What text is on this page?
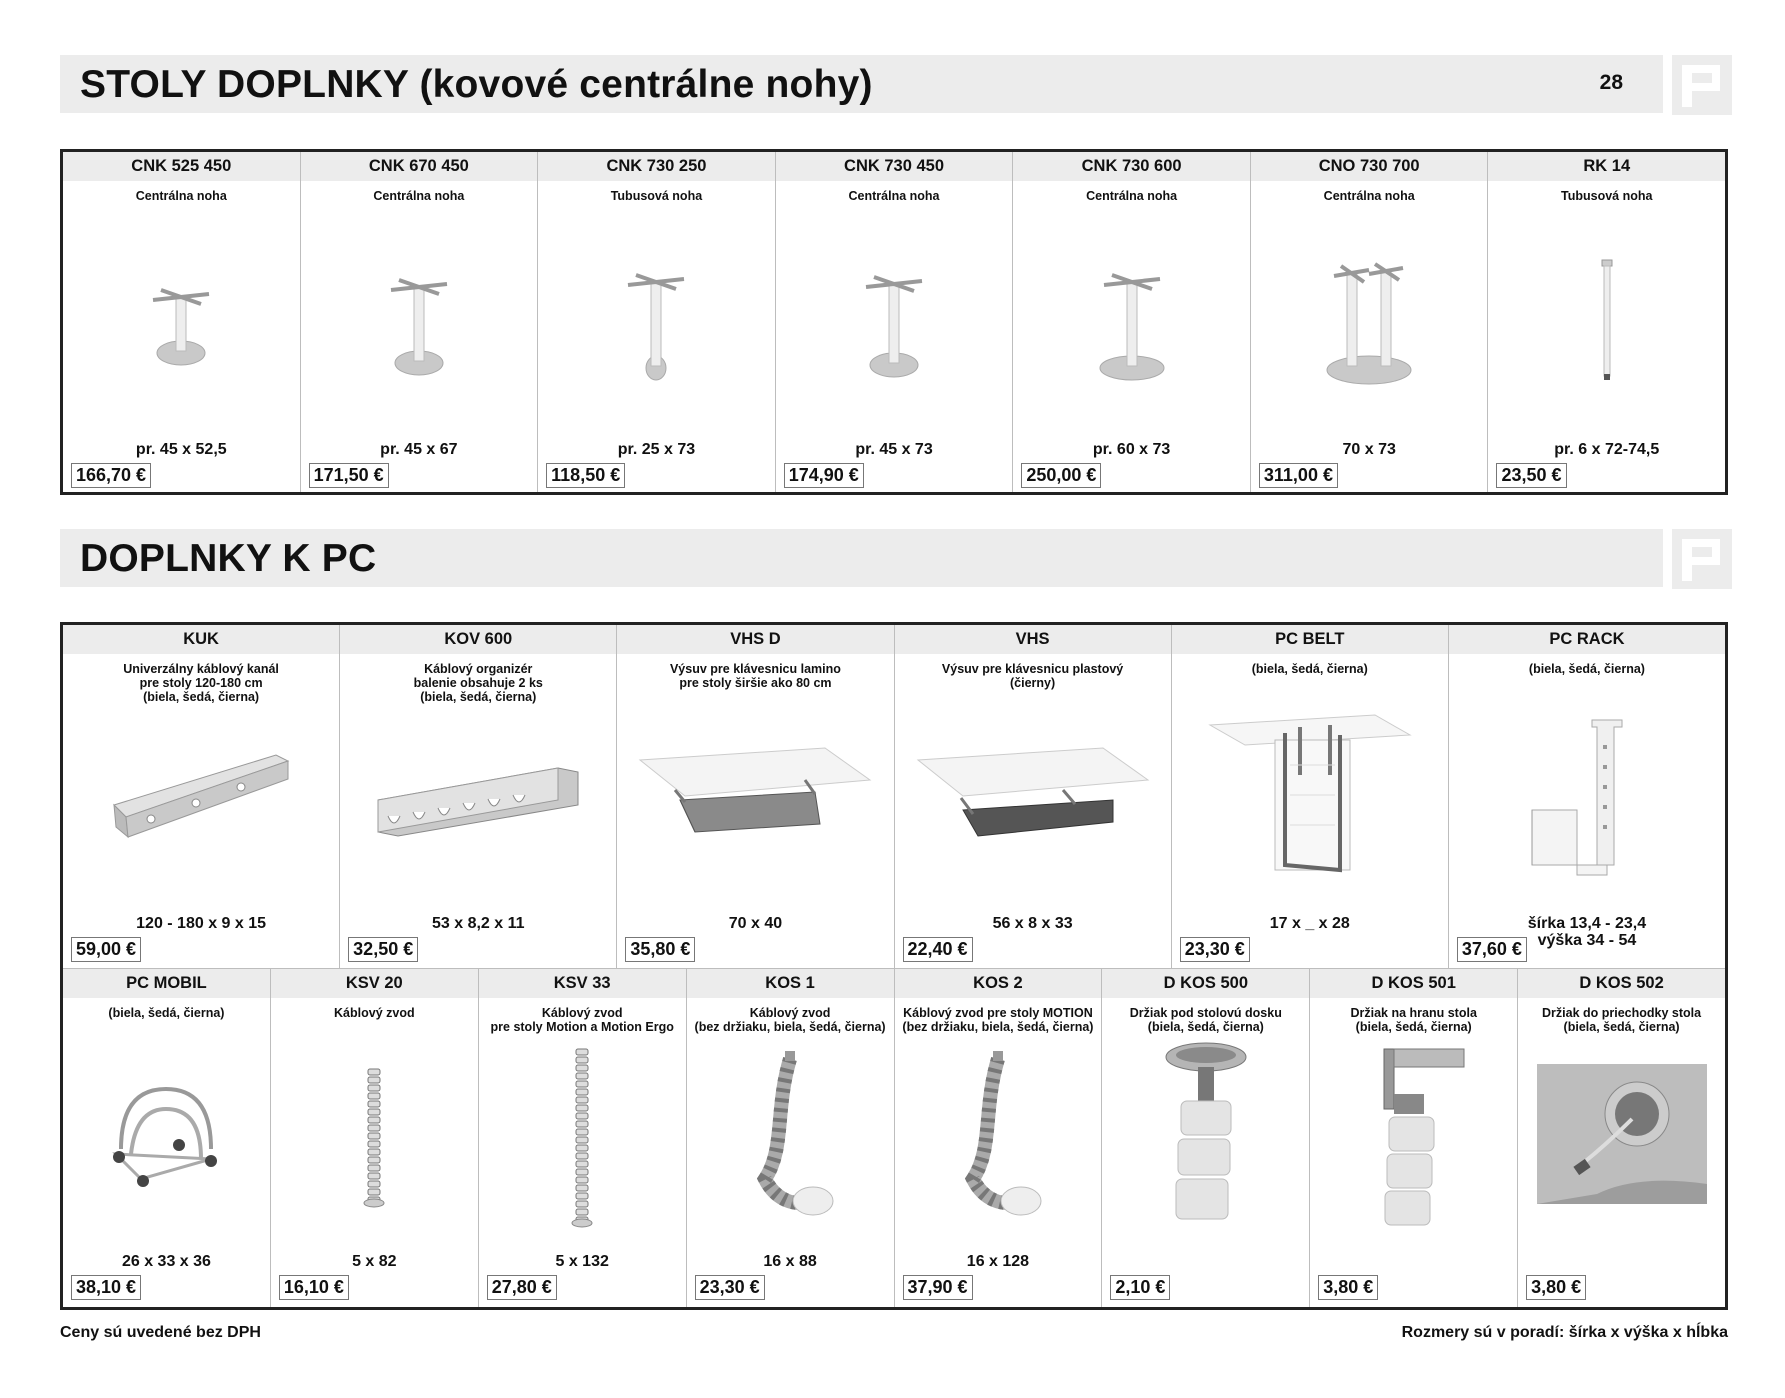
STOLY DOPLNKY (kovové centrálne nohy)	28
CNK 525 450
Centrálna noha
pr. 45 x 52,5
166,70 €
CNK 670 450
Centrálna noha
pr. 45 x 67
171,50 €
CNK 730 250
Tubusová noha
pr. 25 x 73
118,50 €
CNK 730 450
Centrálna noha
pr. 45 x 73
174,90 €
CNK 730 600
Centrálna noha
pr. 60 x 73
250,00 €
CNO 730 700
Centrálna noha
70 x 73
311,00 €
RK 14
Tubusová noha
pr. 6 x 72-74,5
23,50 €
DOPLNKY K PC
KUK
Univerzálny káblový kanál
pre stoly 120-180 cm
(biela, šedá, čierna)
120 - 180 x 9 x 15
59,00 €
KOV 600
Káblový organizér
balenie obsahuje 2 ks
(biela, šedá, čierna)
53 x 8,2 x 11
32,50 €
VHS D
Výsuv pre klávesnicu lamino
pre stoly širšie ako 80 cm
70 x 40
35,80 €
VHS
Výsuv pre klávesnicu plastový
(čierny)
56 x 8 x 33
22,40 €
PC BELT
(biela, šedá, čierna)
17 x _ x 28
23,30 €
PC RACK
(biela, šedá, čierna)
šírka 13,4 - 23,4
výška 34 - 54
37,60 €
PC MOBIL
(biela, šedá, čierna)
26 x 33 x 36
38,10 €
KSV 20
Káblový zvod
5 x 82
16,10 €
KSV 33
Káblový zvod
pre stoly Motion a Motion Ergo
5 x 132
27,80 €
KOS 1
Káblový zvod
(bez držiaku, biela, šedá, čierna)
16 x 88
23,30 €
KOS 2
Káblový zvod pre stoly MOTION
(bez držiaku, biela, šedá, čierna)
16 x 128
37,90 €
D KOS 500
Držiak pod stolovú dosku
(biela, šedá, čierna)
2,10 €
D KOS 501
Držiak na hranu stola
(biela, šedá, čierna)
3,80 €
D KOS 502
Držiak do priechodky stola
(biela, šedá, čierna)
3,80 €
Ceny sú uvedené bez DPH	Rozmery sú v poradí: šírka x výška x hĺbka
